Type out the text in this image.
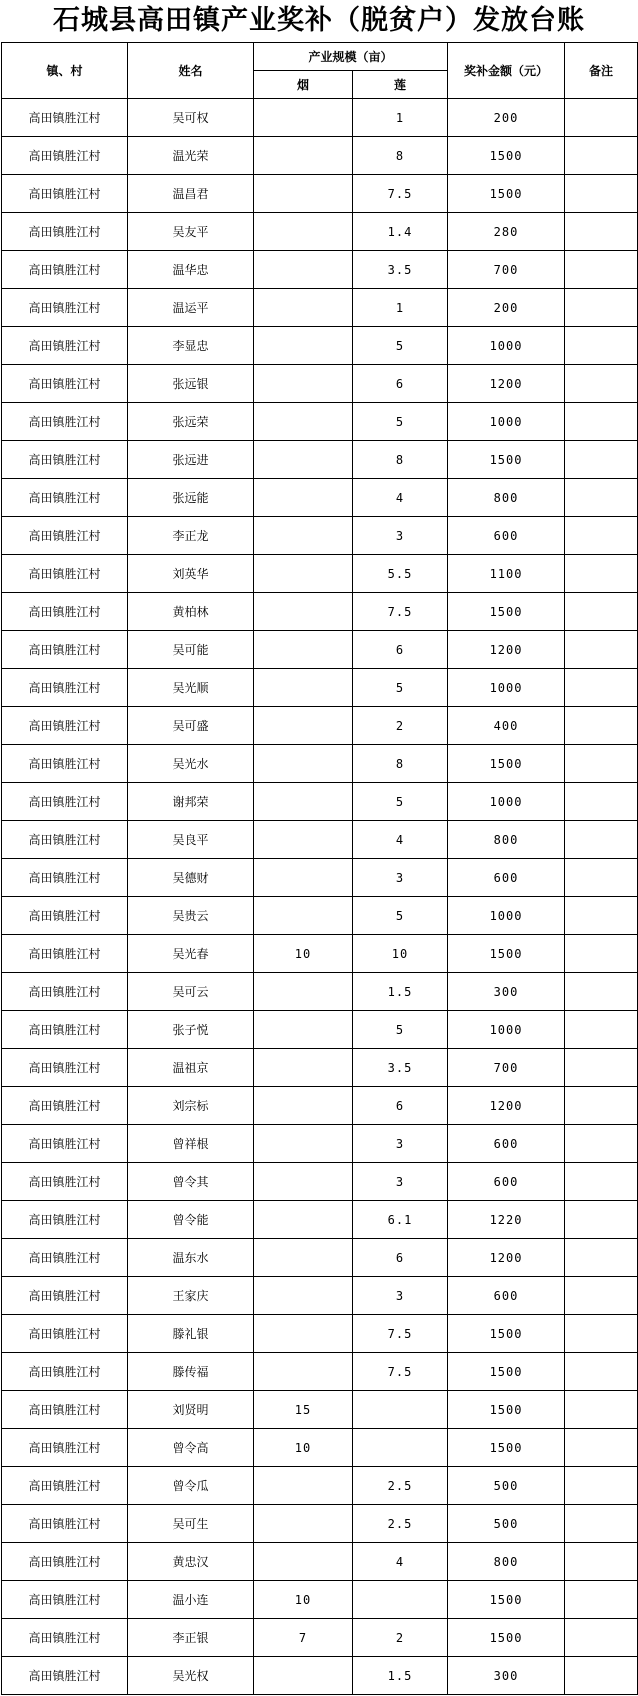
石城县高田镇产业奖补（脱贫户）发放台账
镇、村	姓名	产业规模（亩）		奖补金额（元）	备注
		烟	莲		
高田镇胜江村	吴可权		1	200	
高田镇胜江村	温光荣		8	1500	
高田镇胜江村	温昌君		7.5	1500	
高田镇胜江村	吴友平		1.4	280	
高田镇胜江村	温华忠		3.5	700	
高田镇胜江村	温运平		1	200	
高田镇胜江村	李显忠		5	1000	
高田镇胜江村	张远银		6	1200	
高田镇胜江村	张远荣		5	1000	
高田镇胜江村	张远进		8	1500	
高田镇胜江村	张远能		4	800	
高田镇胜江村	李正龙		3	600	
高田镇胜江村	刘英华		5.5	1100	
高田镇胜江村	黄柏林		7.5	1500	
高田镇胜江村	吴可能		6	1200	
高田镇胜江村	吴光顺		5	1000	
高田镇胜江村	吴可盛		2	400	
高田镇胜江村	吴光水		8	1500	
高田镇胜江村	谢邦荣		5	1000	
高田镇胜江村	吴良平		4	800	
高田镇胜江村	吴德财		3	600	
高田镇胜江村	吴贵云		5	1000	
高田镇胜江村	吴光春	10	10	1500	
高田镇胜江村	吴可云		1.5	300	
高田镇胜江村	张子悦		5	1000	
高田镇胜江村	温祖京		3.5	700	
高田镇胜江村	刘宗标		6	1200	
高田镇胜江村	曾祥根		3	600	
高田镇胜江村	曾令其		3	600	
高田镇胜江村	曾令能		6.1	1220	
高田镇胜江村	温东水		6	1200	
高田镇胜江村	王家庆		3	600	
高田镇胜江村	滕礼银		7.5	1500	
高田镇胜江村	滕传福		7.5	1500	
高田镇胜江村	刘贤明	15		1500	
高田镇胜江村	曾令高	10		1500	
高田镇胜江村	曾令瓜		2.5	500	
高田镇胜江村	吴可生		2.5	500	
高田镇胜江村	黄忠汉		4	800	
高田镇胜江村	温小连	10		1500	
高田镇胜江村	李正银	7	2	1500	
高田镇胜江村	吴光权		1.5	300	
